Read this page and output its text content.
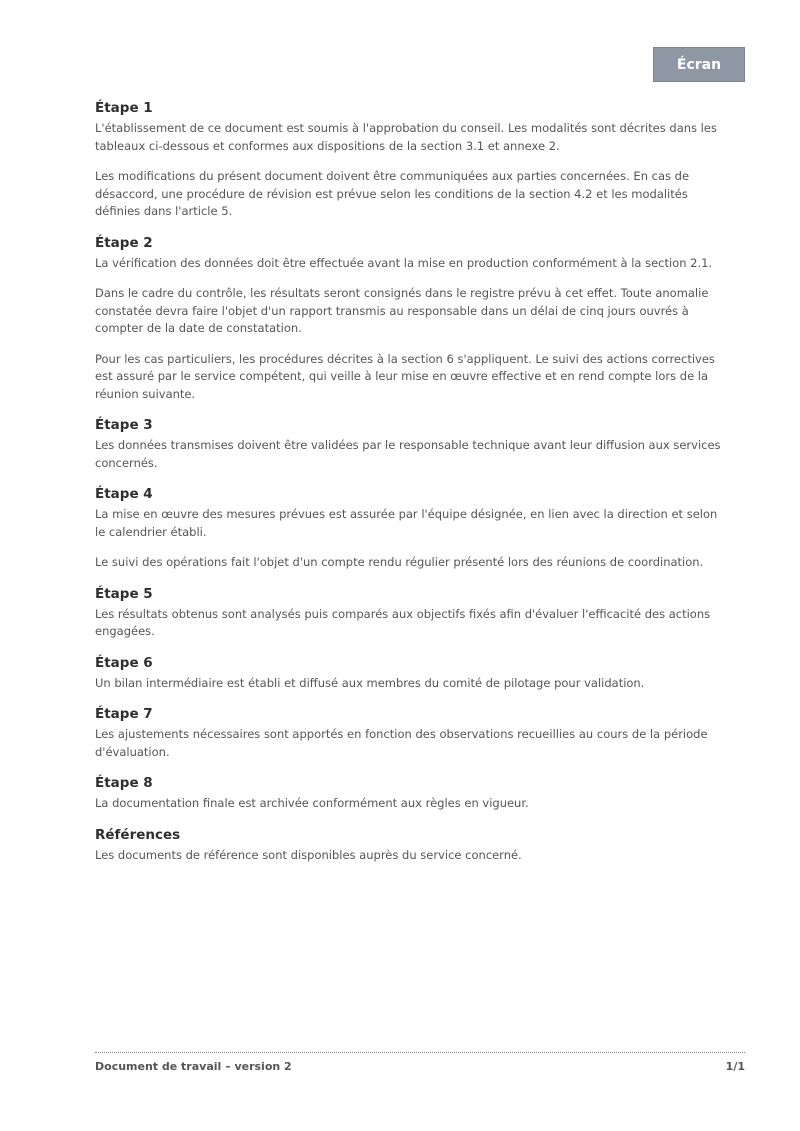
Écran
Étape 1

L'établissement de ce document est soumis à l'approbation du conseil. Les modalités sont décrites dans les tableaux ci-dessous et conformes aux dispositions de la section 3.1 et annexe 2.

Les modifications du présent document doivent être communiquées aux parties concernées. En cas de désaccord, une procédure de révision est prévue selon les conditions de la section 4.2 et les modalités définies dans l'article 5.

Étape 2

La vérification des données doit être effectuée avant la mise en production conformément à la section 2.1.

Dans le cadre du contrôle, les résultats seront consignés dans le registre prévu à cet effet. Toute anomalie constatée devra faire l'objet d'un rapport transmis au responsable dans un délai de cinq jours ouvrés à compter de la date de constatation.

Pour les cas particuliers, les procédures décrites à la section 6 s'appliquent. Le suivi des actions correctives est assuré par le service compétent, qui veille à leur mise en œuvre effective et en rend compte lors de la réunion suivante.

Étape 3

Les données transmises doivent être validées par le responsable technique avant leur diffusion aux services concernés.

Étape 4

La mise en œuvre des mesures prévues est assurée par l'équipe désignée, en lien avec la direction et selon le calendrier établi.

Le suivi des opérations fait l'objet d'un compte rendu régulier présenté lors des réunions de coordination.

Étape 5

Les résultats obtenus sont analysés puis comparés aux objectifs fixés afin d'évaluer l'efficacité des actions engagées.

Étape 6

Un bilan intermédiaire est établi et diffusé aux membres du comité de pilotage pour validation.

Étape 7

Les ajustements nécessaires sont apportés en fonction des observations recueillies au cours de la période d'évaluation.

Étape 8

La documentation finale est archivée conformément aux règles en vigueur.

Références

Les documents de référence sont disponibles auprès du service concerné.

Document de travail – version 2	1/1
